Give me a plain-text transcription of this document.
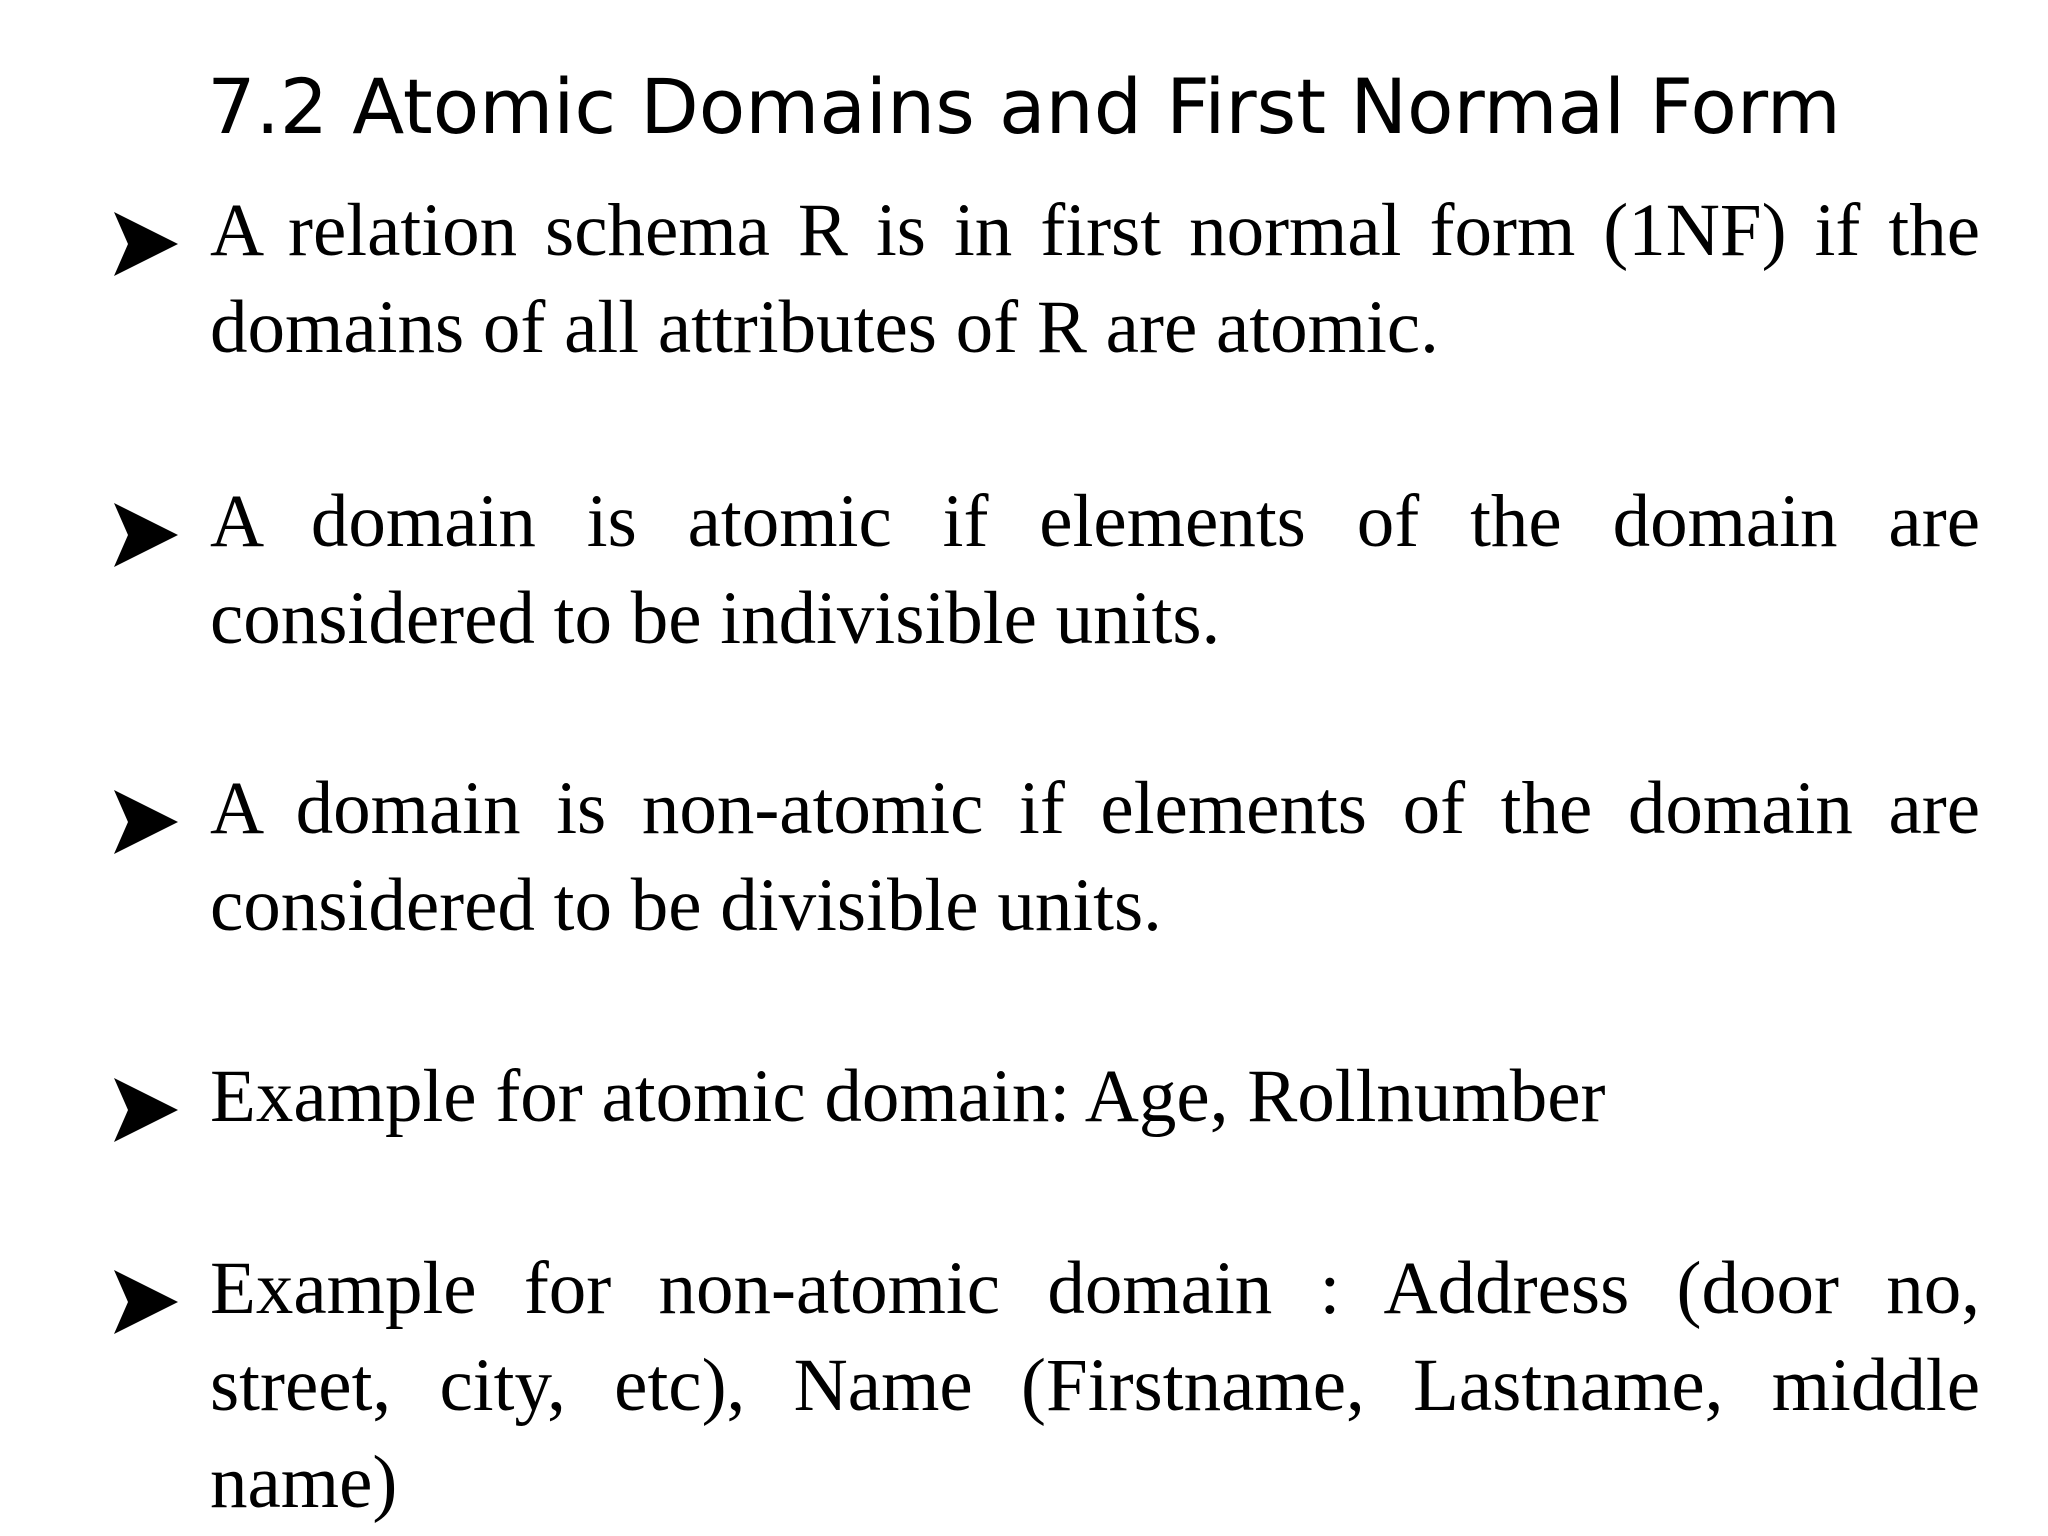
7.2 Atomic Domains and First Normal Form

A relation schema R is in first normal form (1NF) if the domains of all attributes of R are atomic.

A domain is atomic if elements of the domain are considered to be indivisible units.

A domain is non-atomic if elements of the domain are considered to be divisible units.

Example for atomic domain: Age, Rollnumber

Example for non-atomic domain : Address (door no, street, city, etc), Name (Firstname, Lastname, middle name)
